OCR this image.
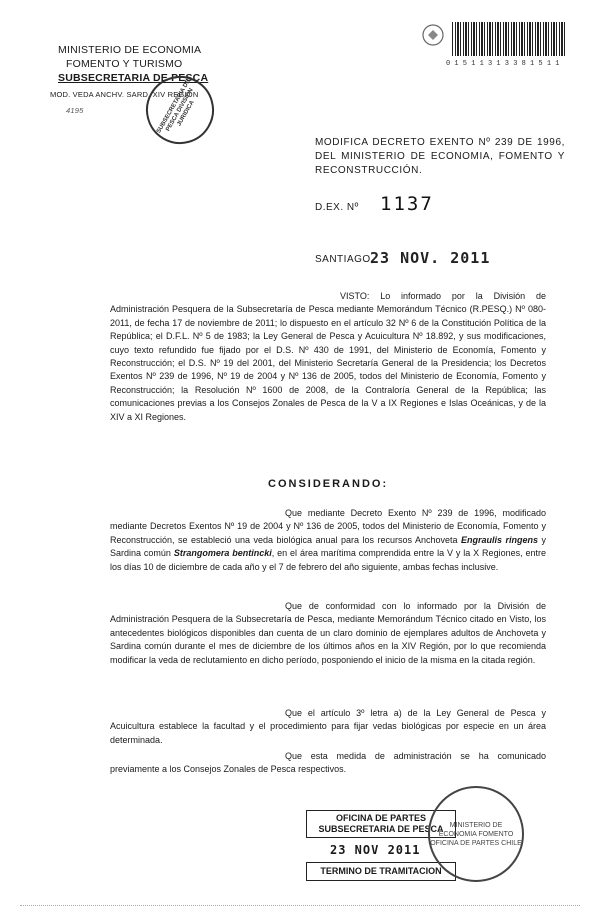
MINISTERIO DE ECONOMIA
FOMENTO Y TURISMO
SUBSECRETARIA DE PESCA
MOD. VEDA ANCHV. SARD. XIV REGION
4195	SUBSECRETARIA DE PESCA DIVISION JURIDICA
0 1 5 1 1 3 1 3 3 8 1 5 1 1
MODIFICA DECRETO EXENTO Nº 239 DE 1996, DEL MINISTERIO DE ECONOMIA, FOMENTO Y RECONSTRUCCIÓN.
D.EX. Nº 1137
SANTIAGO,
23 NOV. 2011
VISTO: Lo informado por la División de Administración Pesquera de la Subsecretaría de Pesca mediante Memorándum Técnico (R.PESQ.) Nº 080-2011, de fecha 17 de noviembre de 2011; lo dispuesto en el artículo 32 Nº 6 de la Constitución Política de la República; el D.F.L. Nº 5 de 1983; la Ley General de Pesca y Acuicultura Nº 18.892, y sus modificaciones, cuyo texto refundido fue fijado por el D.S. Nº 430 de 1991, del Ministerio de Economía, Fomento y Reconstrucción; el D.S. Nº 19 del 2001, del Ministerio Secretaría General de la Presidencia; los Decretos Exentos Nº 239 de 1996, Nº 19 de 2004 y Nº 136 de 2005, todos del Ministerio de Economía, Fomento y Reconstrucción; la Resolución Nº 1600 de 2008, de la Contraloría General de la República; las comunicaciones previas a los Consejos Zonales de Pesca de la V a IX Regiones e Islas Oceánicas, y de la XIV a XI Regiones.
CONSIDERANDO:
Que mediante Decreto Exento Nº 239 de 1996, modificado mediante Decretos Exentos Nº 19 de 2004 y Nº 136 de 2005, todos del Ministerio de Economía, Fomento y Reconstrucción, se estableció una veda biológica anual para los recursos Anchoveta Engraulis ringens y Sardina común Strangomera bentincki, en el área marítima comprendida entre la V y la X Regiones, entre los días 10 de diciembre de cada año y el 7 de febrero del año siguiente, ambas fechas inclusive.
Que de conformidad con lo informado por la División de Administración Pesquera de la Subsecretaría de Pesca, mediante Memorándum Técnico citado en Visto, los antecedentes biológicos disponibles dan cuenta de un claro dominio de ejemplares adultos de Anchoveta y Sardina común durante el mes de diciembre de los últimos años en la XIV Región, por lo que recomienda modificar la veda de reclutamiento en dicho período, posponiendo el inicio de la misma en la citada región.
Que el artículo 3º letra a) de la Ley General de Pesca y Acuicultura establece la facultad y el procedimiento para fijar vedas biológicas por especie en un área determinada.
Que esta medida de administración se ha comunicado previamente a los Consejos Zonales de Pesca respectivos.
OFICINA DE PARTES
SUBSECRETARIA DE PESCA
23 NOV 2011
TERMINO DE TRAMITACION
MINISTERIO DE ECONOMIA FOMENTO OFICINA DE PARTES CHILE
